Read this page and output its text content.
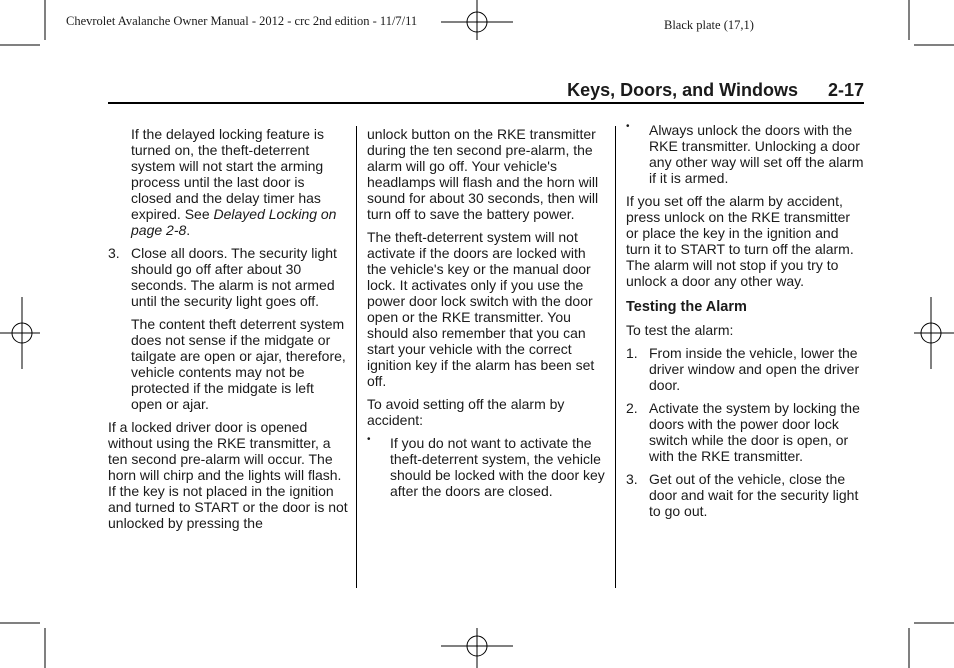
Chevrolet Avalanche Owner Manual - 2012 - crc 2nd edition - 11/7/11	Black plate (17,1)
Keys, Doors, and Windows 2-17

If the delayed locking feature is turned on, the theft-deterrent system will not start the arming process until the last door is closed and the delay timer has expired. See Delayed Locking on page 2-8.

3. Close all doors. The security light should go off after about 30 seconds. The alarm is not armed until the security light goes off.

The content theft deterrent system does not sense if the midgate or tailgate are open or ajar, therefore, vehicle contents may not be protected if the midgate is left open or ajar.

If a locked driver door is opened without using the RKE transmitter, a ten second pre-alarm will occur. The horn will chirp and the lights will flash. If the key is not placed in the ignition and turned to START or the door is not unlocked by pressing the

unlock button on the RKE transmitter during the ten second pre-alarm, the alarm will go off. Your vehicle's headlamps will flash and the horn will sound for about 30 seconds, then will turn off to save the battery power.

The theft-deterrent system will not activate if the doors are locked with the vehicle's key or the manual door lock. It activates only if you use the power door lock switch with the door open or the RKE transmitter. You should also remember that you can start your vehicle with the correct ignition key if the alarm has been set off.

To avoid setting off the alarm by accident:

• If you do not want to activate the theft-deterrent system, the vehicle should be locked with the door key after the doors are closed.
• Always unlock the doors with the RKE transmitter. Unlocking a door any other way will set off the alarm if it is armed.

If you set off the alarm by accident, press unlock on the RKE transmitter or place the key in the ignition and turn it to START to turn off the alarm. The alarm will not stop if you try to unlock a door any other way.

Testing the Alarm

To test the alarm:

1. From inside the vehicle, lower the driver window and open the driver door.
2. Activate the system by locking the doors with the power door lock switch while the door is open, or with the RKE transmitter.
3. Get out of the vehicle, close the door and wait for the security light to go out.
